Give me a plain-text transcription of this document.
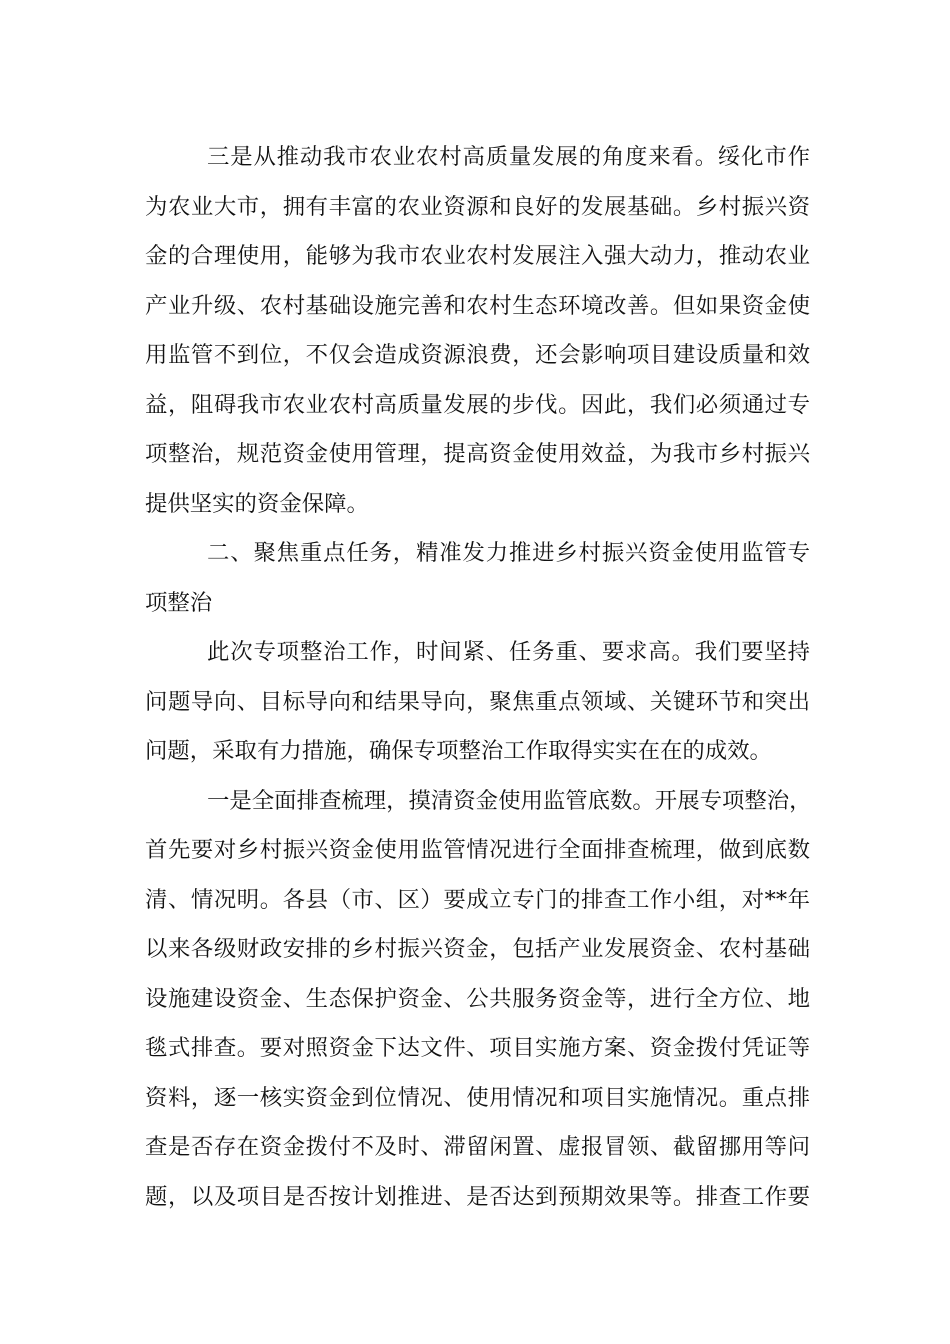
三是从推动我市农业农村高质量发展的角度来看。绥化市作
为农业大市，拥有丰富的农业资源和良好的发展基础。乡村振兴资
金的合理使用，能够为我市农业农村发展注入强大动力，推动农业
产业升级、农村基础设施完善和农村生态环境改善。但如果资金使
用监管不到位，不仅会造成资源浪费，还会影响项目建设质量和效
益，阻碍我市农业农村高质量发展的步伐。因此，我们必须通过专
项整治，规范资金使用管理，提高资金使用效益，为我市乡村振兴
提供坚实的资金保障。
二、聚焦重点任务，精准发力推进乡村振兴资金使用监管专
项整治
此次专项整治工作，时间紧、任务重、要求高。我们要坚持
问题导向、目标导向和结果导向，聚焦重点领域、关键环节和突出
问题，采取有力措施，确保专项整治工作取得实实在在的成效。
一是全面排查梳理，摸清资金使用监管底数。开展专项整治，
首先要对乡村振兴资金使用监管情况进行全面排查梳理，做到底数
清、情况明。各县（市、区）要成立专门的排查工作小组，对**年
以来各级财政安排的乡村振兴资金，包括产业发展资金、农村基础
设施建设资金、生态保护资金、公共服务资金等，进行全方位、地
毯式排查。要对照资金下达文件、项目实施方案、资金拨付凭证等
资料，逐一核实资金到位情况、使用情况和项目实施情况。重点排
查是否存在资金拨付不及时、滞留闲置、虚报冒领、截留挪用等问
题，以及项目是否按计划推进、是否达到预期效果等。排查工作要
